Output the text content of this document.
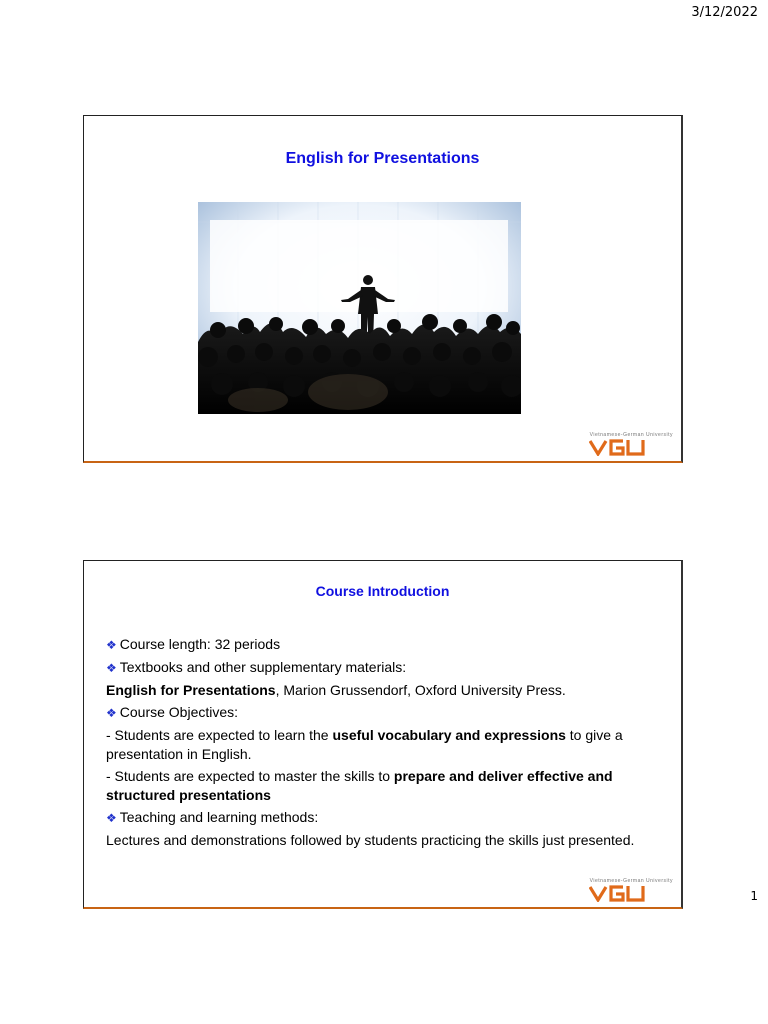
3/12/2022
English for Presentations
Vietnamese-German University
Course Introduction

❖ Course length: 32 periods

❖ Textbooks and other supplementary materials:

English for Presentations, Marion Grussendorf, Oxford University Press.

❖ Course Objectives:

- Students are expected to learn the useful vocabulary and expressions to give a presentation in English.

- Students are expected to master the skills to prepare and deliver effective and structured presentations

❖ Teaching and learning methods:

Lectures and demonstrations followed by students practicing the skills just presented.

Vietnamese-German University
1
